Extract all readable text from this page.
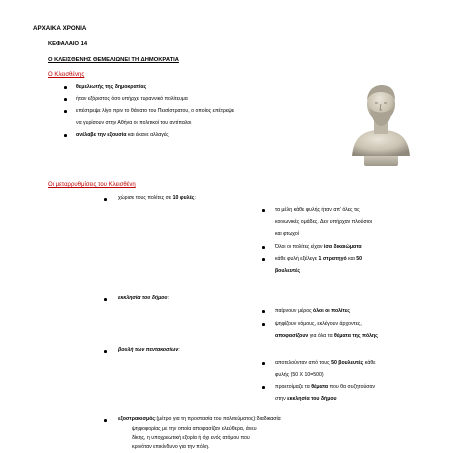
ΑΡΧΑΙΚΑ ΧΡΟΝΙΑ
ΚΕΦΑΛΑΙΟ 14
Ο ΚΛΕΙΣΘΕΝΗΣ ΘΕΜΕΛΙΩΝΕΙ ΤΗ ΔΗΜΟΚΡΑΤΙΑ
Ο Κλεισθένης
θεμελιωτής της δημοκρατίας
ήταν εξόριστος όσο υπήρχε τυραννικό πολίτευμα
επέστρεψε λίγο πριν το θάνατο του Πεισίστρατου, ο οποίος επέτρεψε
να γυρίσουν στην Αθήνα οι πολιτικοί του αντίπαλοι
ανέλαβε την εξουσία και έκανε αλλαγές
Οι μεταρρυθμίσεις του Κλεισθένη
χώρισε τους πολίτες σε 10 φυλές:
τα μέλη κάθε φυλής ήταν απ' όλες τις
κοινωνικές ομάδες. Δεν υπήρχαν πλούσιοι
και φτωχοί
Όλοι οι πολίτες είχαν ίσα δικαιώματα
κάθε φυλή εξέλεγε 1 στρατηγό και 50
βουλευτές
εκκλησία του δήμου:
παίρνουν μέρος όλοι οι πολίτες
ψηφίζουν νόμους, εκλέγουν άρχοντες,
αποφασίζουν για όλα τα θέματα της πόλης
βουλή των πεντακοσίων:
αποτελούνταν από τους 50 βουλευτές κάθε
φυλής (50 Χ 10=500)
προετοίμαζε τα θέματα που θα συζητούσαν
στην εκκλησία του δήμου
εξοστρακισμός:(μέτρο για τη προστασία του πολιτεύματος):διαδικασία
ψηφοφορίας με την οποία αποφασίζαν ελεύθερα, άνευ
δίκης, η υποχρεωτική εξορία ή όχι ενός ατόμου που
κρινόταν επικίνδυνο για την πόλη.
